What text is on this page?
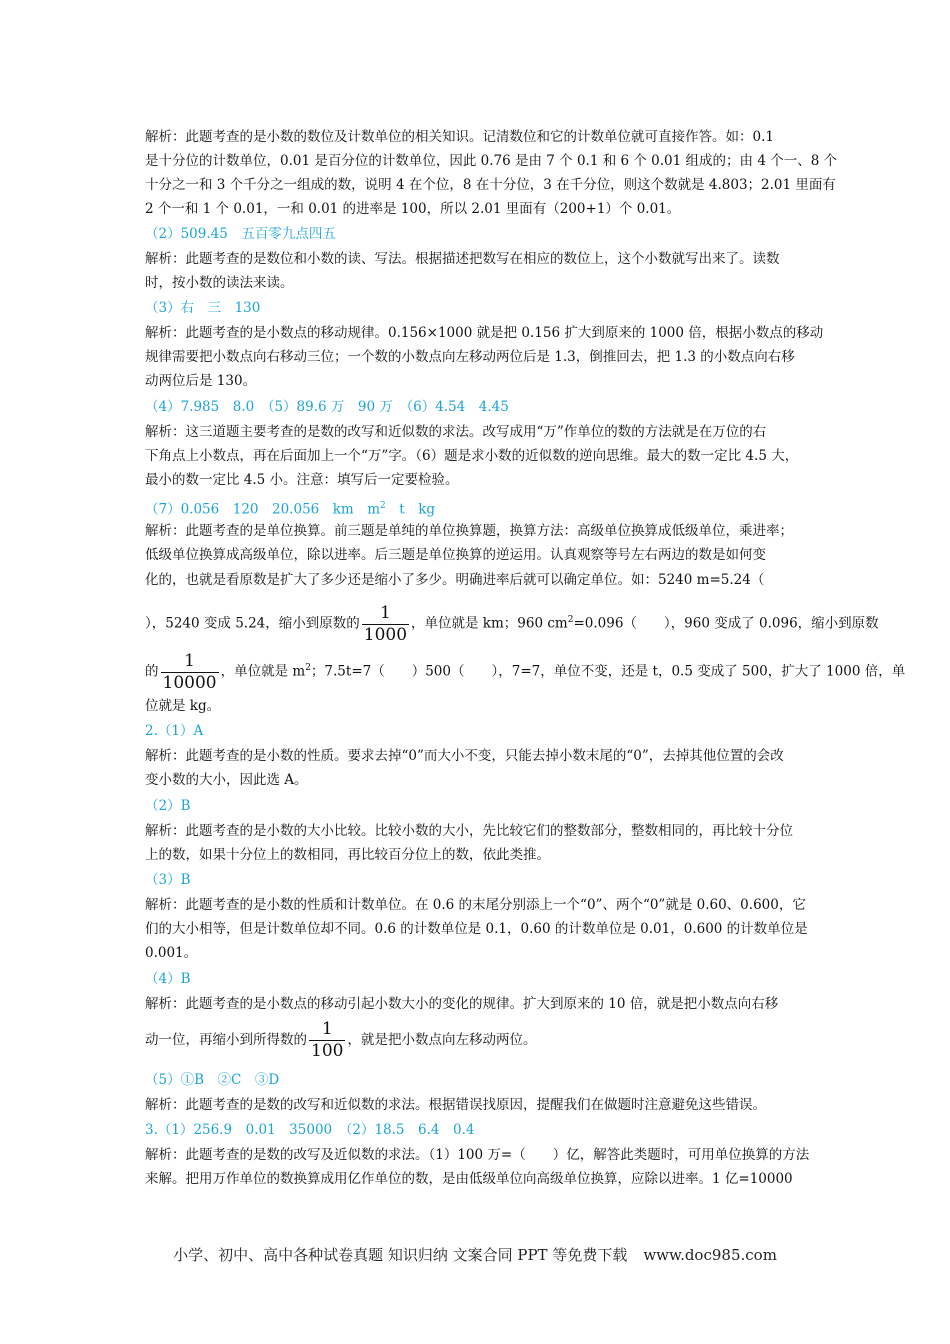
解析：此题考查的是小数的数位及计数单位的相关知识。记清数位和它的计数单位就可直接作答。如：0.1
是十分位的计数单位，0.01 是百分位的计数单位，因此 0.76 是由 7 个 0.1 和 6 个 0.01 组成的；由 4 个一、8 个
十分之一和 3 个千分之一组成的数，说明 4 在个位，8 在十分位，3 在千分位，则这个数就是 4.803；2.01 里面有
2 个一和 1 个 0.01，一和 0.01 的进率是 100，所以 2.01 里面有（200+1）个 0.01。
（2）509.45　五百零九点四五
解析：此题考查的是数位和小数的读、写法。根据描述把数写在相应的数位上，这个小数就写出来了。读数
时，按小数的读法来读。
（3）右　三　130
解析：此题考查的是小数点的移动规律。0.156×1000 就是把 0.156 扩大到原来的 1000 倍，根据小数点的移动
规律需要把小数点向右移动三位；一个数的小数点向左移动两位后是 1.3，倒推回去，把 1.3 的小数点向右移
动两位后是 130。
（4）7.985　8.0　（5）89.6 万　90 万　（6）4.54　4.45
解析：这三道题主要考查的是数的改写和近似数的求法。改写成用“万”作单位的数的方法就是在万位的右
下角点上小数点，再在后面加上一个“万”字。（6）题是求小数的近似数的逆向思维。最大的数一定比 4.5 大，
最小的数一定比 4.5 小。注意：填写后一定要检验。
（7）0.056　120　20.056　km　$m^2$　 t　kg
解析：此题考查的是单位换算。前三题是单纯的单位换算题，换算方法：高级单位换算成低级单位，乘进率；
低级单位换算成高级单位，除以进率。后三题是单位换算的逆运用。认真观察等号左右两边的数是如何变
化的，也就是看原数是扩大了多少还是缩小了多少。明确进率后就可以确定单位。如：5240 m=5.24（
），5240 变成 5.24，缩小到原数的 $\frac{1}{1000}$ ，单位就是 km；960 $cm^2=0.096$（　　），960 变成了 0.096，缩小到原数
的 $\frac{1}{10000}$ ，单位就是 $m^2$；7.5t=7（　　）500（　　），7=7，单位不变，还是 t，0.5 变成了 500，扩大了 1000 倍，单
位就是 kg。
2.（1）A
解析：此题考查的是小数的性质。要求去掉“0”而大小不变，只能去掉小数末尾的“0”，去掉其他位置的会改
变小数的大小，因此选 A。
（2）B
解析：此题考查的是小数的大小比较。比较小数的大小，先比较它们的整数部分，整数相同的，再比较十分位
上的数，如果十分位上的数相同，再比较百分位上的数，依此类推。
（3）B
解析：此题考查的是小数的性质和计数单位。在 0.6 的末尾分别添上一个“0”、两个“0”就是 0.60、0.600，它
们的大小相等，但是计数单位却不同。0.6 的计数单位是 0.1，0.60 的计数单位是 0.01，0.600 的计数单位是
0.001。
（4）B
解析：此题考查的是小数点的移动引起小数大小的变化的规律。扩大到原来的 10 倍，就是把小数点向右移
动一位，再缩小到所得数的 $\frac{1}{100}$ ，就是把小数点向左移动两位。
（5）①B　②C　③D
解析：此题考查的是数的改写和近似数的求法。根据错误找原因，提醒我们在做题时注意避免这些错误。
3.（1）256.9　0.01　35000　（2）18.5　6.4　0.4
解析：此题考查的是数的改写及近似数的求法。（1）100 万=（　　）亿，解答此类题时，可用单位换算的方法
来解。把用万作单位的数换算成用亿作单位的数，是由低级单位向高级单位换算，应除以进率。1 亿=10000
小学、初中、高中各种试卷真题 知识归纳 文案合同 PPT 等免费下载 www.doc985.com
